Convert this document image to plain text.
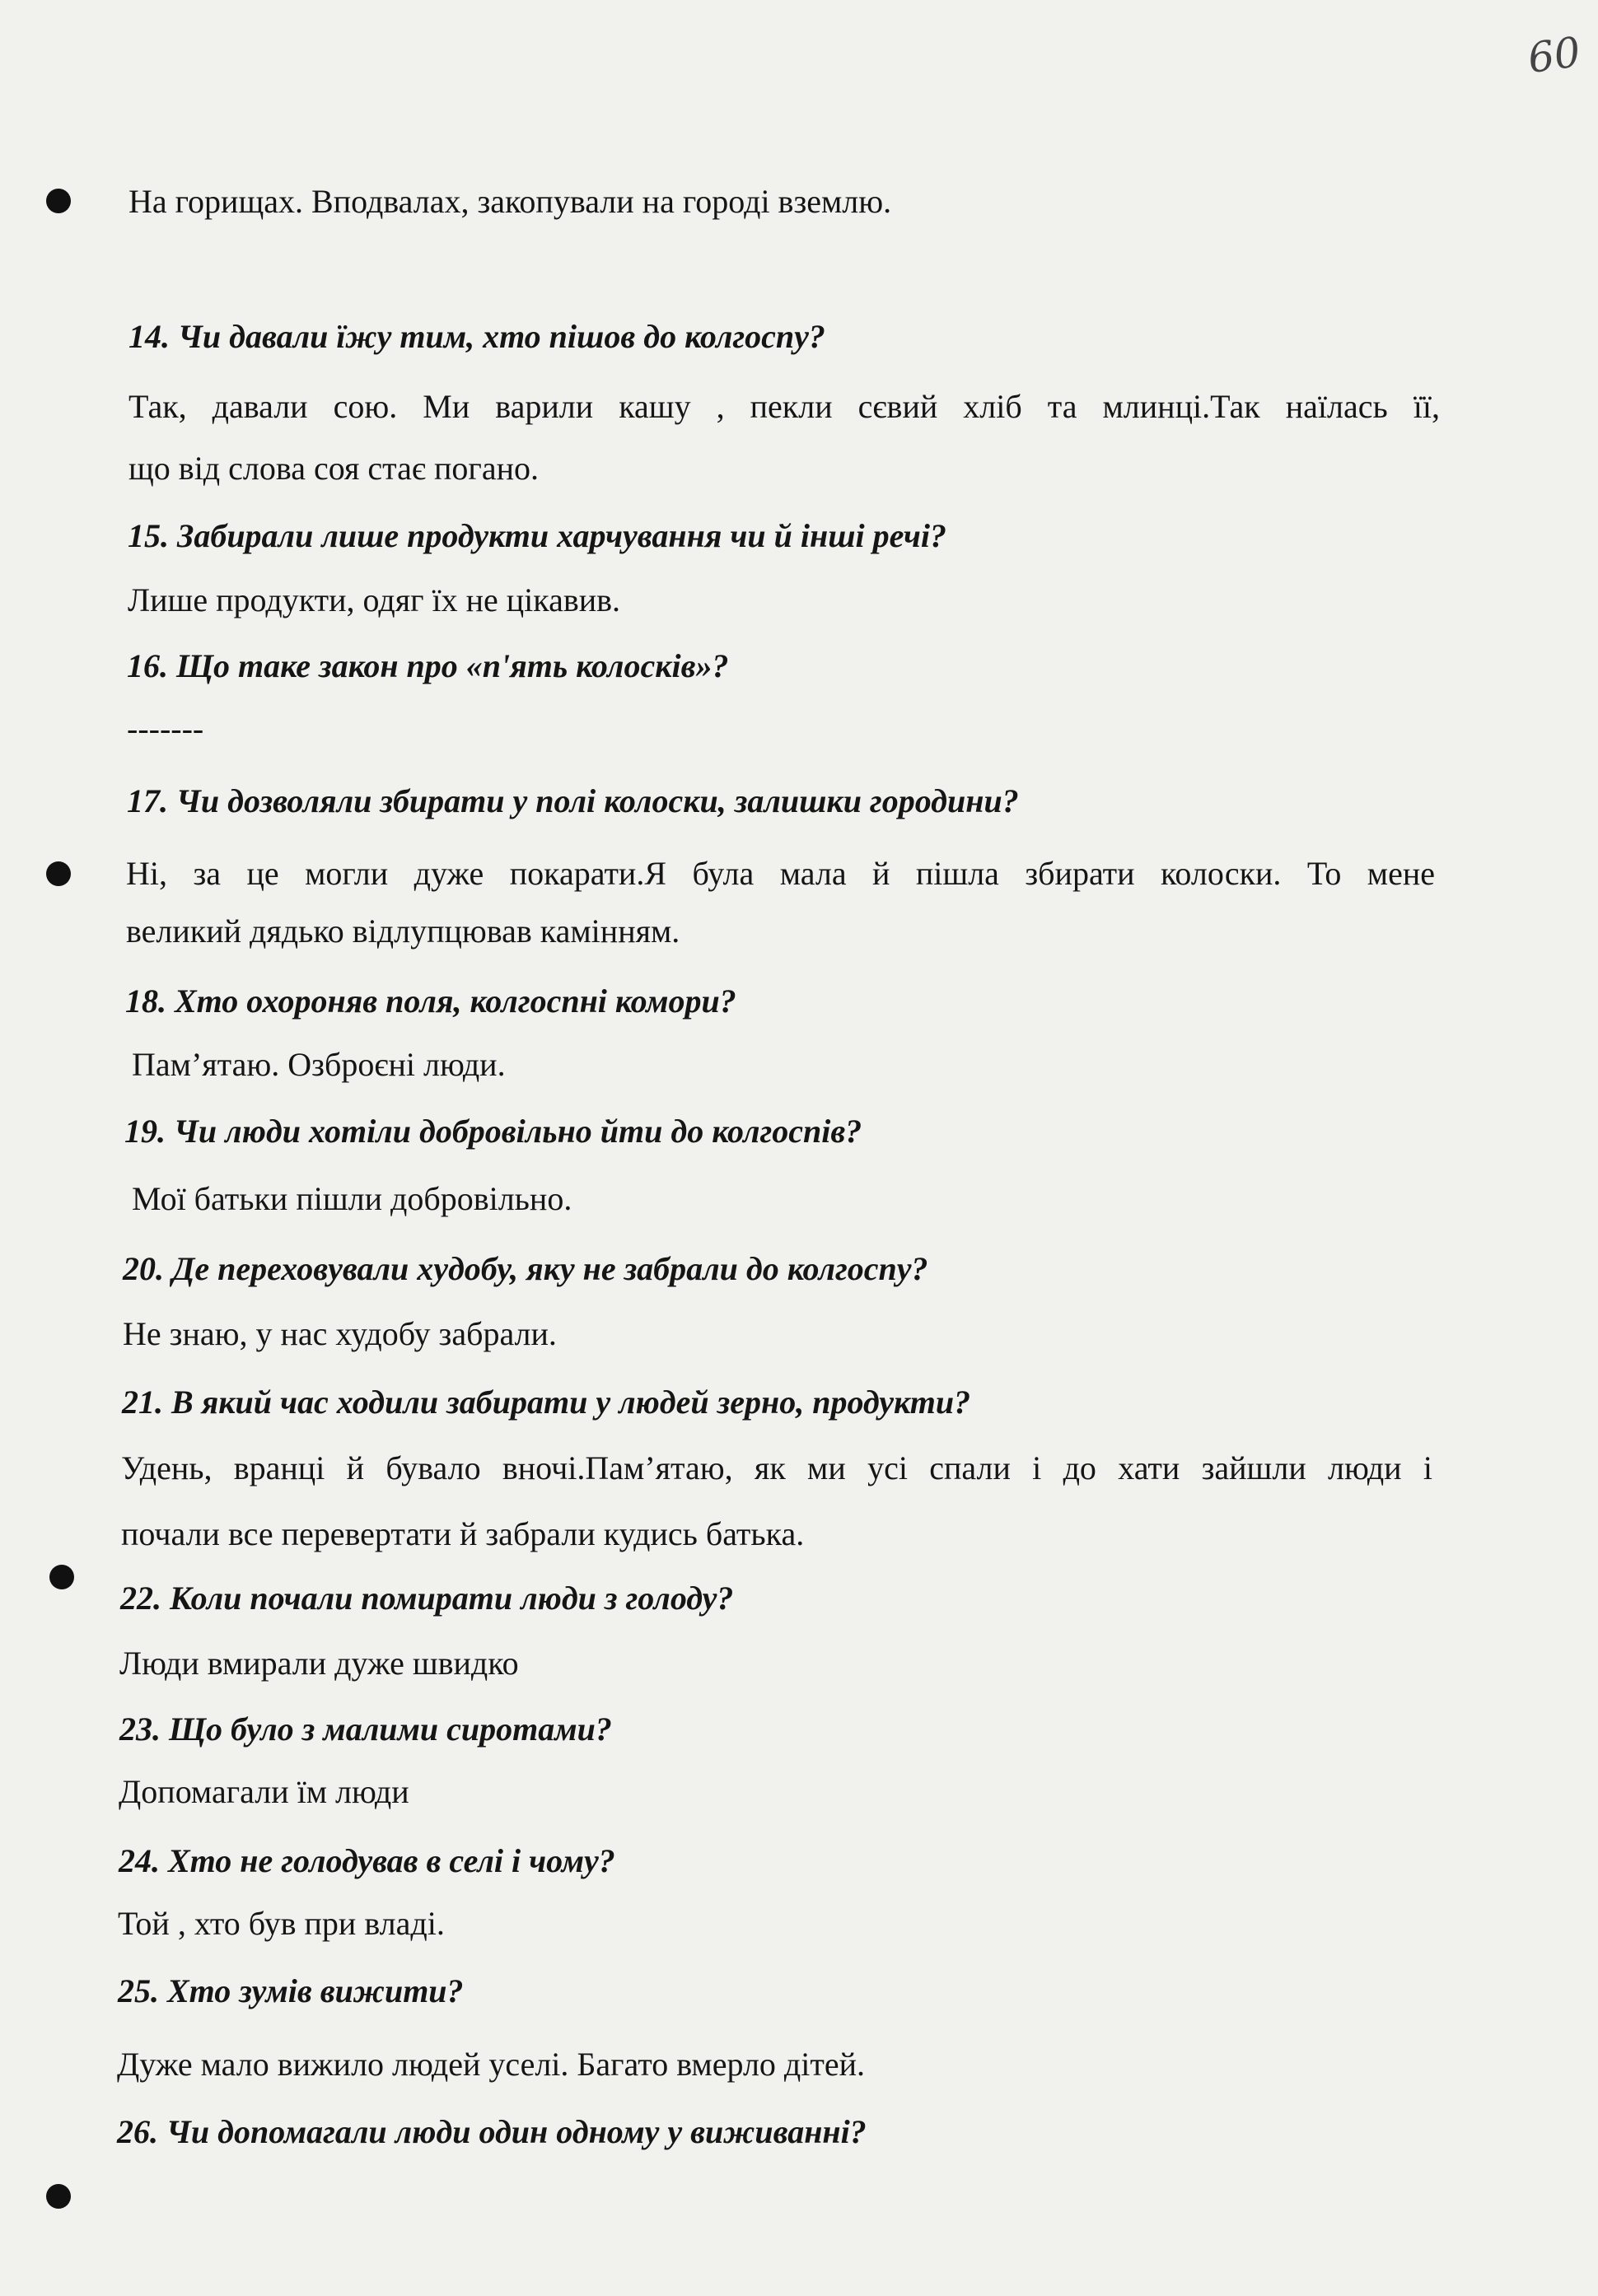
60
На горищах. Вподвалах, закопували на городі вземлю.
14. Чи давали їжу тим, хто пішов до колгоспу?
Так, давали сою. Ми варили кашу , пекли сєвий хліб та млинці.Так наїлась її,
що від слова соя стає погано.
15. Забирали лише продукти харчування чи й інші речі?
Лише продукти, одяг їх не цікавив.
16. Що таке закон про «п'ять колосків»?
-------
17. Чи дозволяли збирати у полі колоски, залишки городини?
Ні, за це могли дуже покарати.Я була мала й пішла збирати колоски. То мене
великий дядько відлупцював камінням.
18. Хто охороняв поля, колгоспні комори?
Пам’ятаю. Озброєні люди.
19. Чи люди хотіли добровільно йти до колгоспів?
Мої батьки пішли добровільно.
20. Де переховували худобу, яку не забрали до колгоспу?
Не знаю, у нас худобу забрали.
21. В який час ходили забирати у людей зерно, продукти?
Удень, вранці й бувало вночі.Пам’ятаю, як ми усі спали і до хати зайшли люди і
почали все перевертати й забрали кудись батька.
22. Коли почали помирати люди з голоду?
Люди вмирали дуже швидко
23. Що було з малими сиротами?
Допомагали їм люди
24. Хто не голодував в селі і чому?
Той , хто був при владі.
25. Хто зумів вижити?
Дуже мало вижило людей уселі. Багато вмерло дітей.
26. Чи допомагали люди один одному у виживанні?
